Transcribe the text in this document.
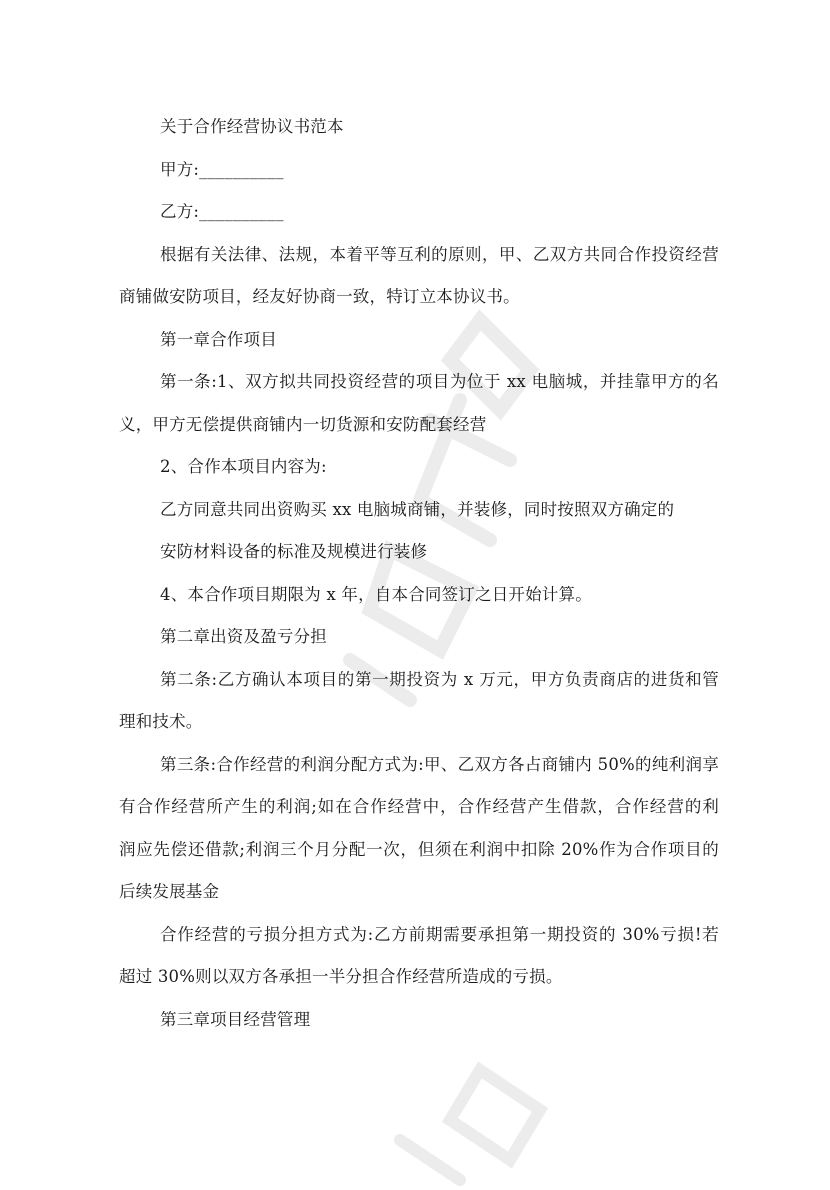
关于合作经营协议书范本
甲方:__________
乙方:__________
根据有关法律、法规，本着平等互利的原则，甲、乙双方共同合作投资经营
商铺做安防项目，经友好协商一致，特订立本协议书。
第一章合作项目
第一条:1、双方拟共同投资经营的项目为位于 xx 电脑城，并挂靠甲方的名
义，甲方无偿提供商铺内一切货源和安防配套经营
2、合作本项目内容为:
乙方同意共同出资购买 xx 电脑城商铺，并装修，同时按照双方确定的
安防材料设备的标准及规模进行装修
4、本合作项目期限为 x 年，自本合同签订之日开始计算。
第二章出资及盈亏分担
第二条:乙方确认本项目的第一期投资为 x 万元，甲方负责商店的进货和管
理和技术。
第三条:合作经营的利润分配方式为:甲、乙双方各占商铺内 50%的纯利润享
有合作经营所产生的利润;如在合作经营中，合作经营产生借款，合作经营的利
润应先偿还借款;利润三个月分配一次，但须在利润中扣除 20%作为合作项目的
后续发展基金
合作经营的亏损分担方式为:乙方前期需要承担第一期投资的 30%亏损!若
超过 30%则以双方各承担一半分担合作经营所造成的亏损。
第三章项目经营管理
